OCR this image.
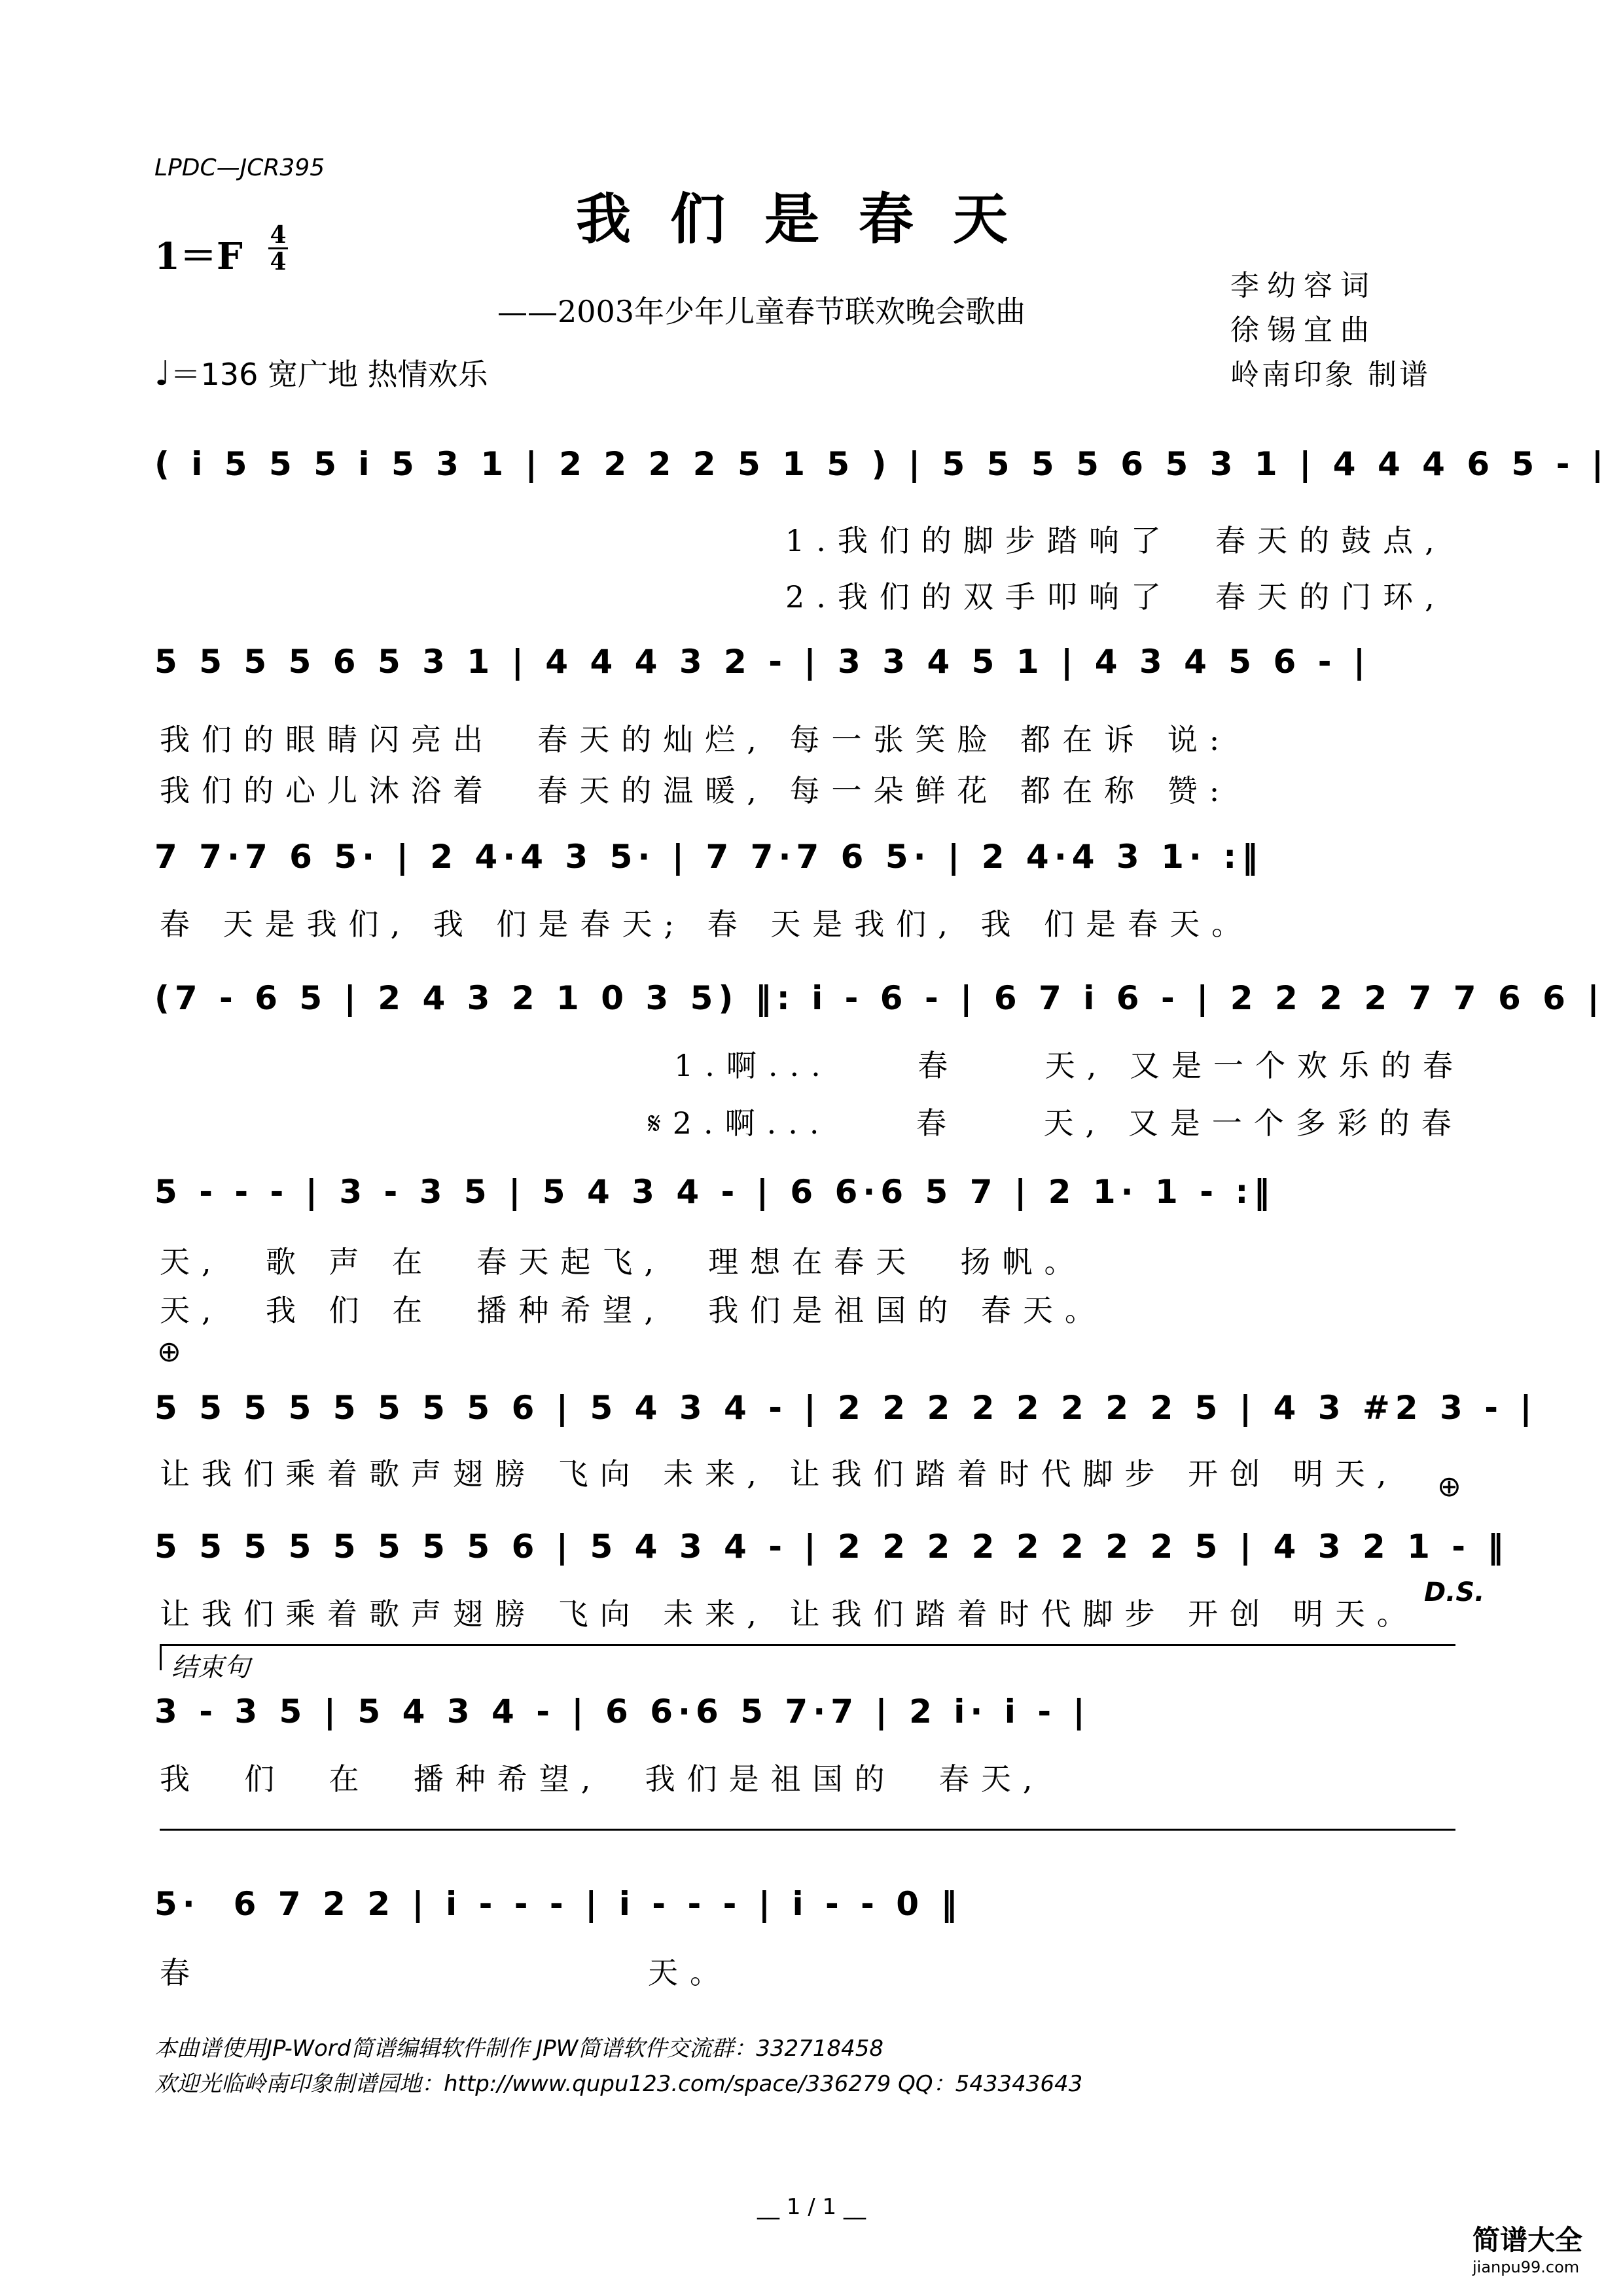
LPDC—JCR395
我们是春天
1＝F 4
4
——2003年少年儿童春节联欢晚会歌曲
李幼容词
徐锡宜曲
岭南印象 制谱
♩＝136 宽广地 热情欢乐
( i 5 5 5 i 5 3 1 | 2 2 2 2 5 1 5 ) | 5 5 5 5 6 5 3 1 | 4 4 4 6 5 - |
1.我们的脚步踏响了  春天的鼓点,
2.我们的双手叩响了  春天的门环,
5 5 5 5 6 5 3 1 | 4 4 4 3 2 - | 3 3 4 5 1 | 4 3 4 5 6 - |
我们的眼睛闪亮出  春天的灿烂, 每一张笑脸 都在诉 说:
我们的心儿沐浴着  春天的温暖, 每一朵鲜花 都在称 赞:
7 7·7 6 5· | 2 4·4 3 5· | 7 7·7 6 5· | 2 4·4 3 1· :‖
春 天是我们, 我 们是春天; 春 天是我们, 我 们是春天。
(7 - 6 5 | 2 4 3 2 1 0 3 5) ‖: i - 6 - | 6 7 i 6 - | 2 2 2 2 7 7 6 6 |
1.啊...    春    天, 又是一个欢乐的春
𝄋2.啊...    春    天, 又是一个多彩的春
5 - - - | 3 - 3 5 | 5 4 3 4 - | 6 6·6 5 7 | 2 1· 1 - :‖
天,  歌 声 在  春天起飞,  理想在春天  扬帆。
天,  我 们 在  播种希望,  我们是祖国的 春天。
⊕
5 5 5 5 5 5 5 5 6 | 5 4 3 4 - | 2 2 2 2 2 2 2 2 5 | 4 3 #2 3 - |
让我们乘着歌声翅膀 飞向 未来, 让我们踏着时代脚步 开创 明天, ⊕
5 5 5 5 5 5 5 5 6 | 5 4 3 4 - | 2 2 2 2 2 2 2 2 5 | 4 3 2 1 - ‖
让我们乘着歌声翅膀 飞向 未来, 让我们踏着时代脚步 开创 明天。
D.S.
结束句
3 - 3 5 | 5 4 3 4 - | 6 6·6 5 7·7 | 2 i· i - |
我  们  在  播种希望,  我们是祖国的  春天,
5·  6 7 2 2 | i - - - | i - - - | i - - 0 ‖
春	天。
本曲谱使用JP-Word简谱编辑软件制作 JPW简谱软件交流群：332718458
欢迎光临岭南印象制谱园地：http://www.qupu123.com/space/336279 QQ：543343643
__ 1 / 1 __
简谱大全
jianpu99.com
